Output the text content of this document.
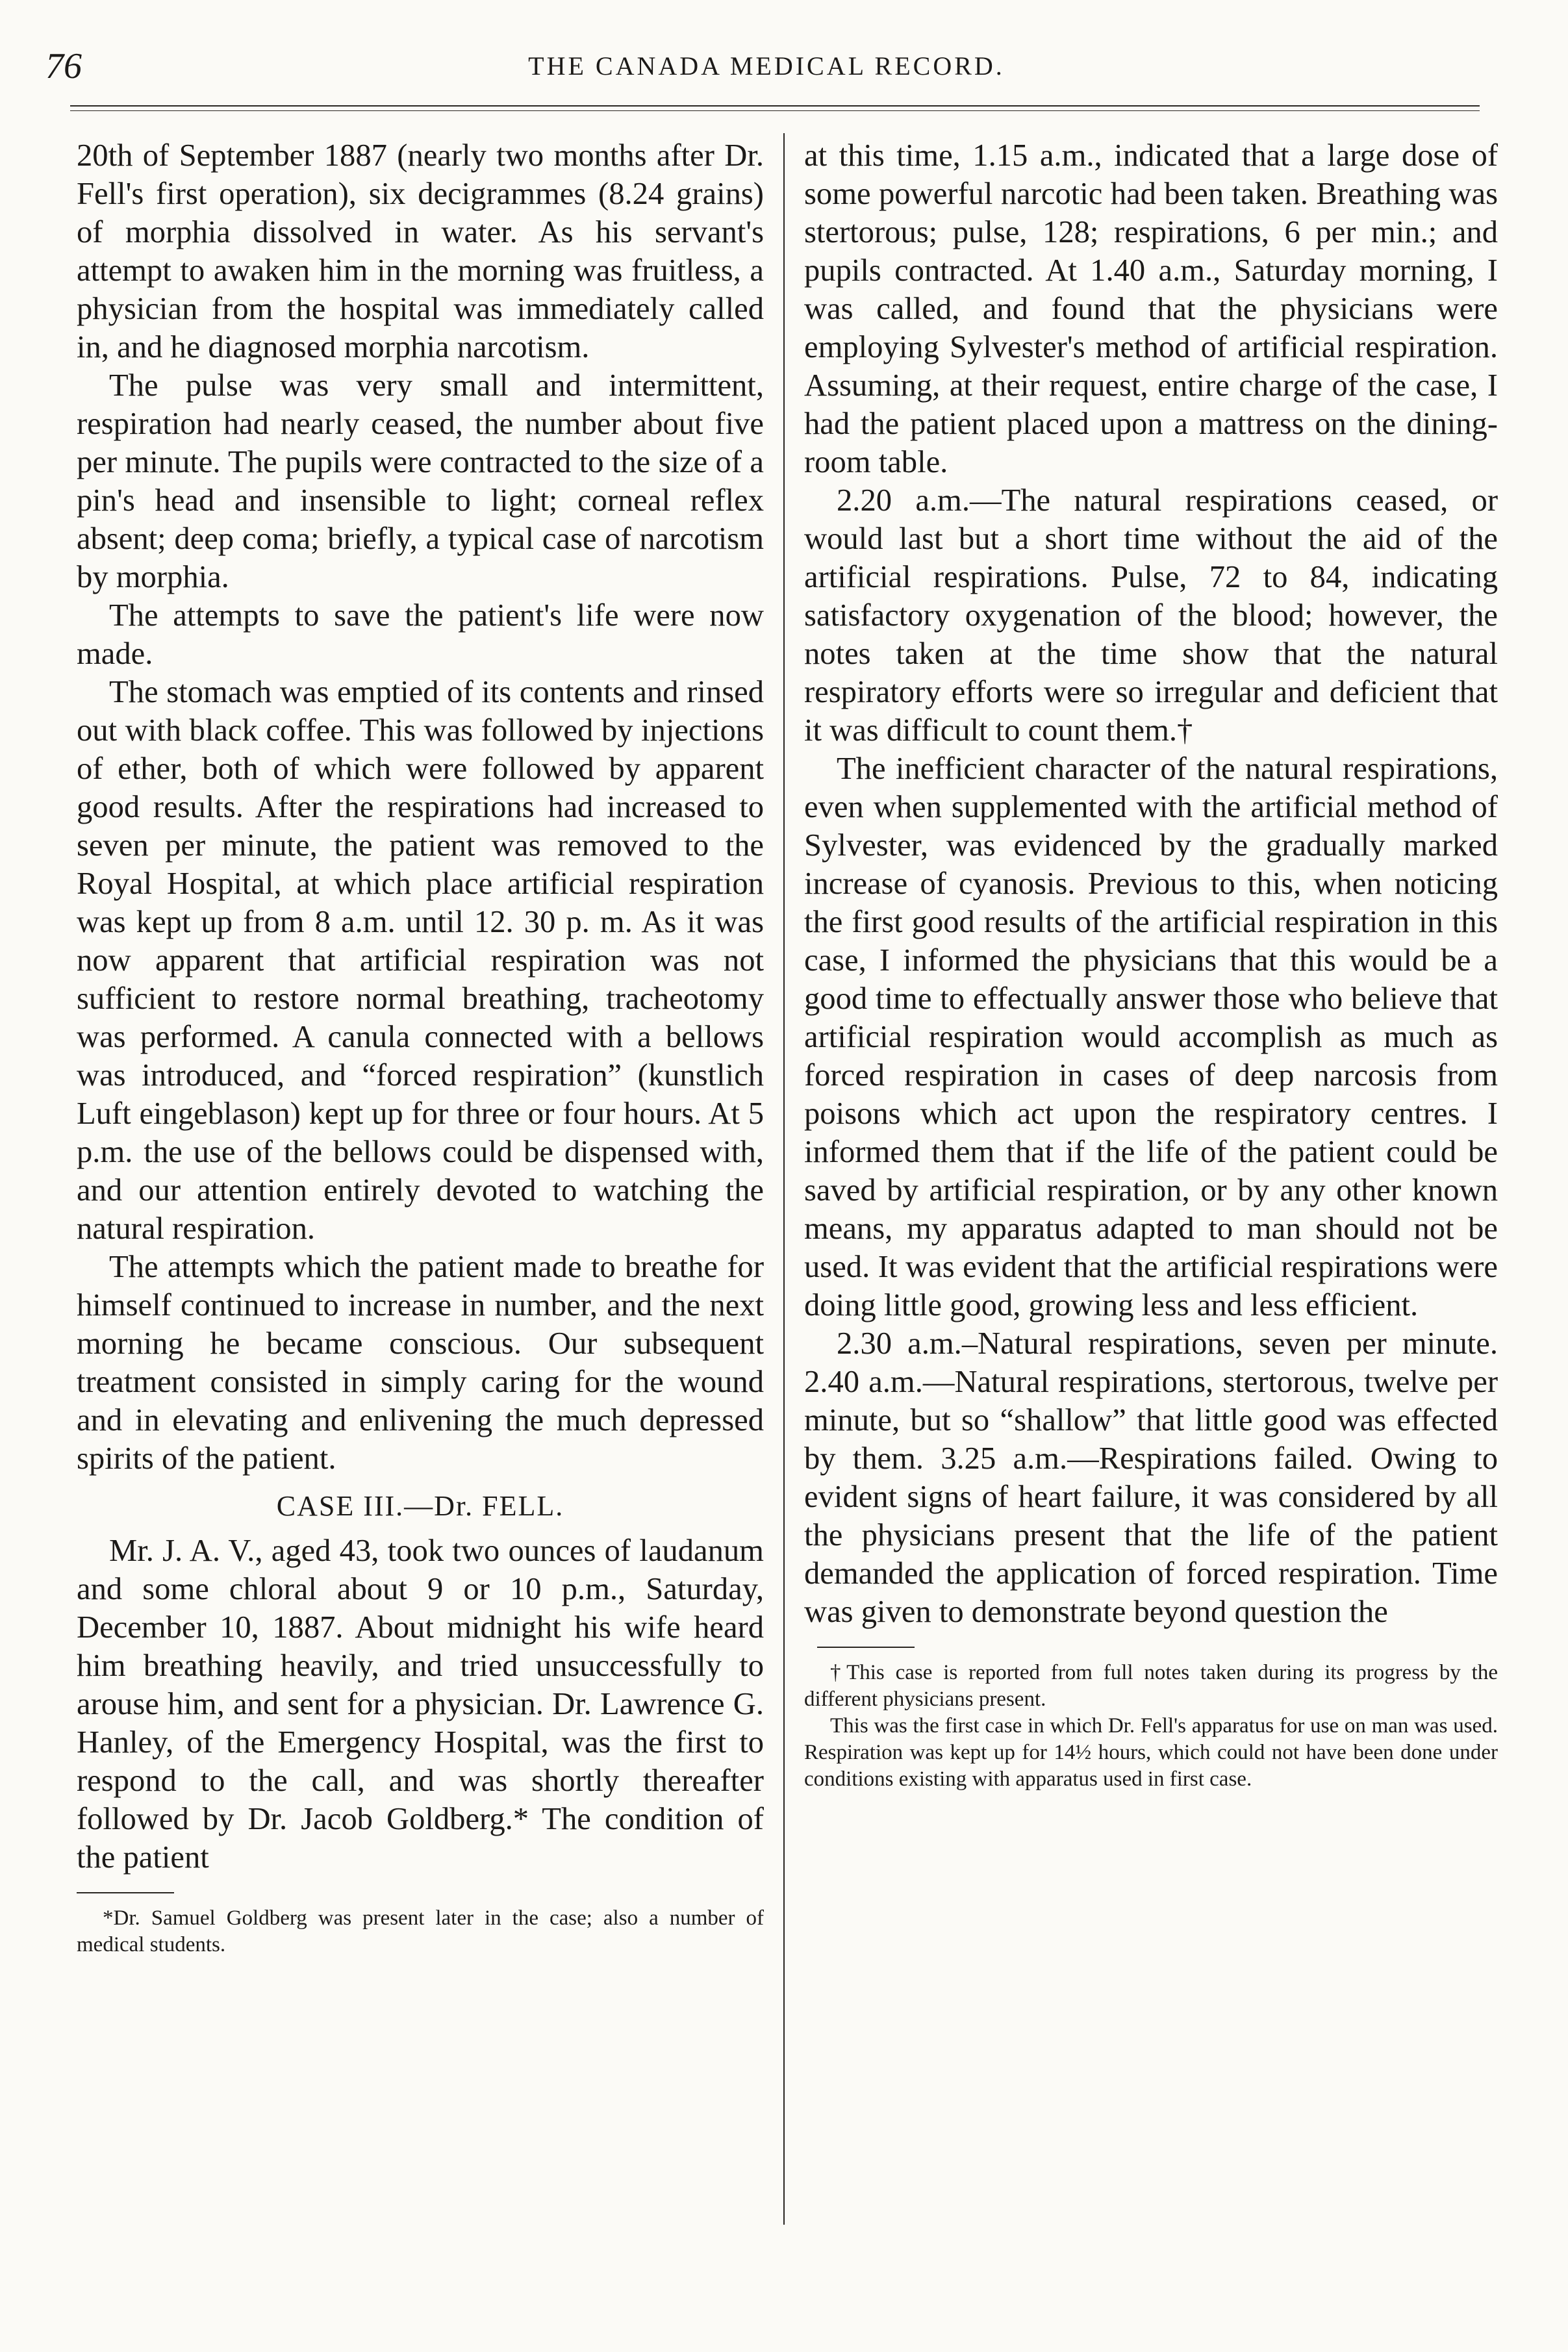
76	THE CANADA MEDICAL RECORD.

20th of September 1887 (nearly two months after Dr. Fell's first operation), six decigrammes (8.24 grains) of morphia dissolved in water. As his servant's attempt to awaken him in the morning was fruitless, a physician from the hospital was immediately called in, and he diagnosed morphia narcotism.

The pulse was very small and intermittent, respiration had nearly ceased, the number about five per minute. The pupils were contracted to the size of a pin's head and insensible to light; corneal reflex absent; deep coma; briefly, a typical case of narcotism by morphia.

The attempts to save the patient's life were now made.

The stomach was emptied of its contents and rinsed out with black coffee. This was followed by injections of ether, both of which were followed by apparent good results. After the respirations had increased to seven per minute, the patient was removed to the Royal Hospital, at which place artificial respiration was kept up from 8 a.m. until 12. 30 p. m. As it was now apparent that artificial respiration was not sufficient to restore normal breathing, tracheotomy was performed. A canula connected with a bellows was introduced, and “forced respiration” (kunstlich Luft eingeblason) kept up for three or four hours. At 5 p.m. the use of the bellows could be dispensed with, and our attention entirely devoted to watching the natural respiration.

The attempts which the patient made to breathe for himself continued to increase in number, and the next morning he became conscious. Our subsequent treatment consisted in simply caring for the wound and in elevating and enlivening the much depressed spirits of the patient.

CASE III.—Dr. FELL.

Mr. J. A. V., aged 43, took two ounces of laudanum and some chloral about 9 or 10 p.m., Saturday, December 10, 1887. About midnight his wife heard him breathing heavily, and tried unsuccessfully to arouse him, and sent for a physician. Dr. Lawrence G. Hanley, of the Emergency Hospital, was the first to respond to the call, and was shortly thereafter followed by Dr. Jacob Goldberg.* The condition of the patient

*Dr. Samuel Goldberg was present later in the case; also a number of medical students.

at this time, 1.15 a.m., indicated that a large dose of some powerful narcotic had been taken. Breathing was stertorous; pulse, 128; respirations, 6 per min.; and pupils contracted. At 1.40 a.m., Saturday morning, I was called, and found that the physicians were employing Sylvester's method of artificial respiration. Assuming, at their request, entire charge of the case, I had the patient placed upon a mattress on the dining-room table.

2.20 a.m.—The natural respirations ceased, or would last but a short time without the aid of the artificial respirations. Pulse, 72 to 84, indicating satisfactory oxygenation of the blood; however, the notes taken at the time show that the natural respiratory efforts were so irregular and deficient that it was difficult to count them.†

The inefficient character of the natural respirations, even when supplemented with the artificial method of Sylvester, was evidenced by the gradually marked increase of cyanosis. Previous to this, when noticing the first good results of the artificial respiration in this case, I informed the physicians that this would be a good time to effectually answer those who believe that artificial respiration would accomplish as much as forced respiration in cases of deep narcosis from poisons which act upon the respiratory centres. I informed them that if the life of the patient could be saved by artificial respiration, or by any other known means, my apparatus adapted to man should not be used. It was evident that the artificial respirations were doing little good, growing less and less efficient.

2.30 a.m.–Natural respirations, seven per minute. 2.40 a.m.—Natural respirations, stertorous, twelve per minute, but so “shallow” that little good was effected by them. 3.25 a.m.—Respirations failed. Owing to evident signs of heart failure, it was considered by all the physicians present that the life of the patient demanded the application of forced respiration. Time was given to demonstrate beyond question the

†This case is reported from full notes taken during its progress by the different physicians present.

This was the first case in which Dr. Fell's apparatus for use on man was used. Respiration was kept up for 14½ hours, which could not have been done under conditions existing with apparatus used in first case.
